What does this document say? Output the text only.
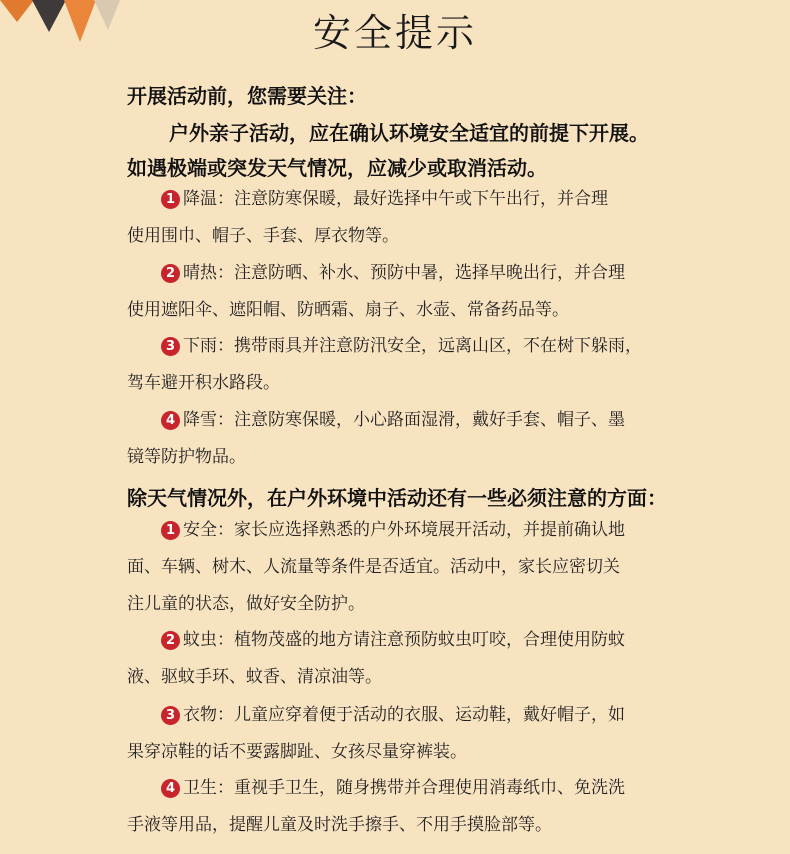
安全提示
开展活动前，您需要关注：
户外亲子活动，应在确认环境安全适宜的前提下开展。
如遇极端或突发天气情况，应减少或取消活动。
1 降温：注意防寒保暖，最好选择中午或下午出行，并合理
使用围巾、帽子、手套、厚衣物等。
2 晴热：注意防晒、补水、预防中暑，选择早晚出行，并合理
使用遮阳伞、遮阳帽、防晒霜、扇子、水壶、常备药品等。
3 下雨：携带雨具并注意防汛安全，远离山区，不在树下躲雨，
驾车避开积水路段。
4 降雪：注意防寒保暖，小心路面湿滑，戴好手套、帽子、墨
镜等防护物品。
除天气情况外，在户外环境中活动还有一些必须注意的方面：
1 安全：家长应选择熟悉的户外环境展开活动，并提前确认地
面、车辆、树木、人流量等条件是否适宜。活动中，家长应密切关
注儿童的状态，做好安全防护。
2 蚊虫：植物茂盛的地方请注意预防蚊虫叮咬，合理使用防蚊
液、驱蚊手环、蚊香、清凉油等。
3 衣物：儿童应穿着便于活动的衣服、运动鞋，戴好帽子，如
果穿凉鞋的话不要露脚趾、女孩尽量穿裤装。
4 卫生：重视手卫生，随身携带并合理使用消毒纸巾、免洗洗
手液等用品，提醒儿童及时洗手擦手、不用手摸脸部等。
